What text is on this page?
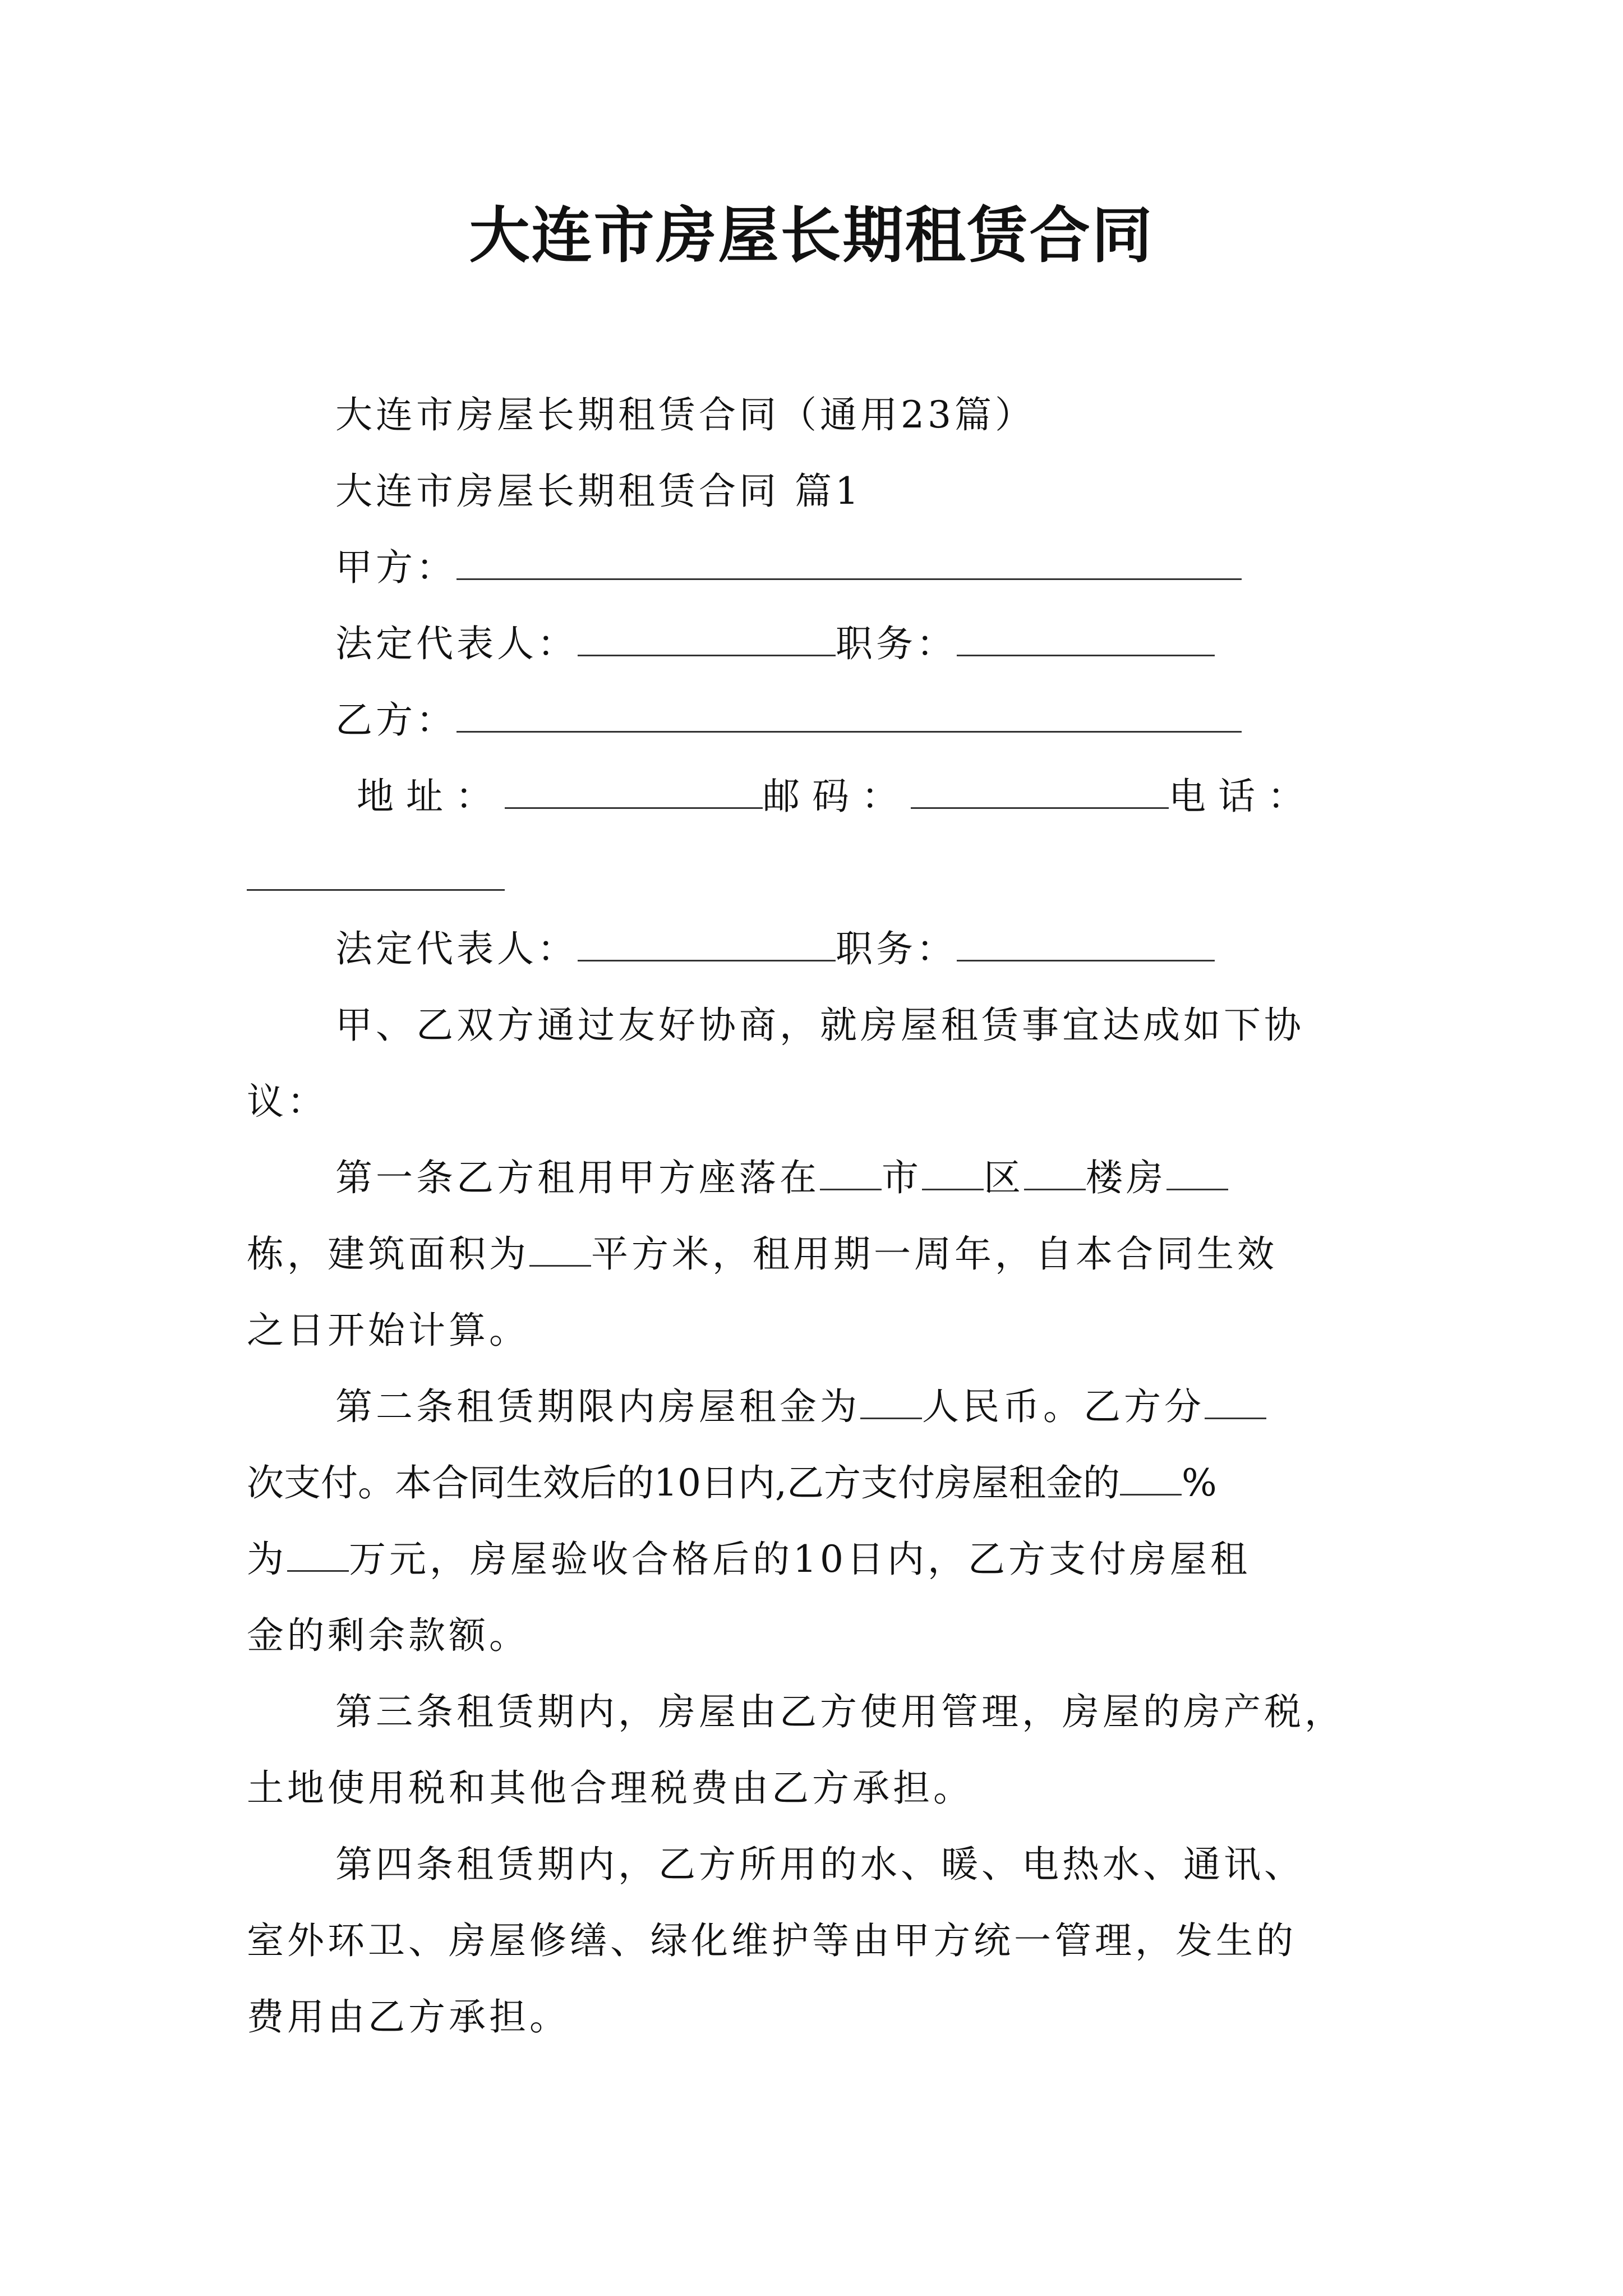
大连市房屋长期租赁合同
大连市房屋长期租赁合同（通用23篇）
大连市房屋长期租赁合同 篇1
甲方：
法定代表人：	职务：
乙方：
地址：	邮码：	电话：
法定代表人：	职务：
甲、乙双方通过友好协商，就房屋租赁事宜达成如下协
议：
第一条乙方租用甲方座落在 市 区 楼房
栋，建筑面积为 平方米，租用期一周年，自本合同生效
之日开始计算。
第二条租赁期限内房屋租金为 人民币。乙方分
次支付。本合同生效后的10日内,乙方支付房屋租金的 %
为 万元，房屋验收合格后的10日内，乙方支付房屋租
金的剩余款额。
第三条租赁期内，房屋由乙方使用管理，房屋的房产税，
土地使用税和其他合理税费由乙方承担。
第四条租赁期内，乙方所用的水、暖、电热水、通讯、
室外环卫、房屋修缮、绿化维护等由甲方统一管理，发生的
费用由乙方承担。
